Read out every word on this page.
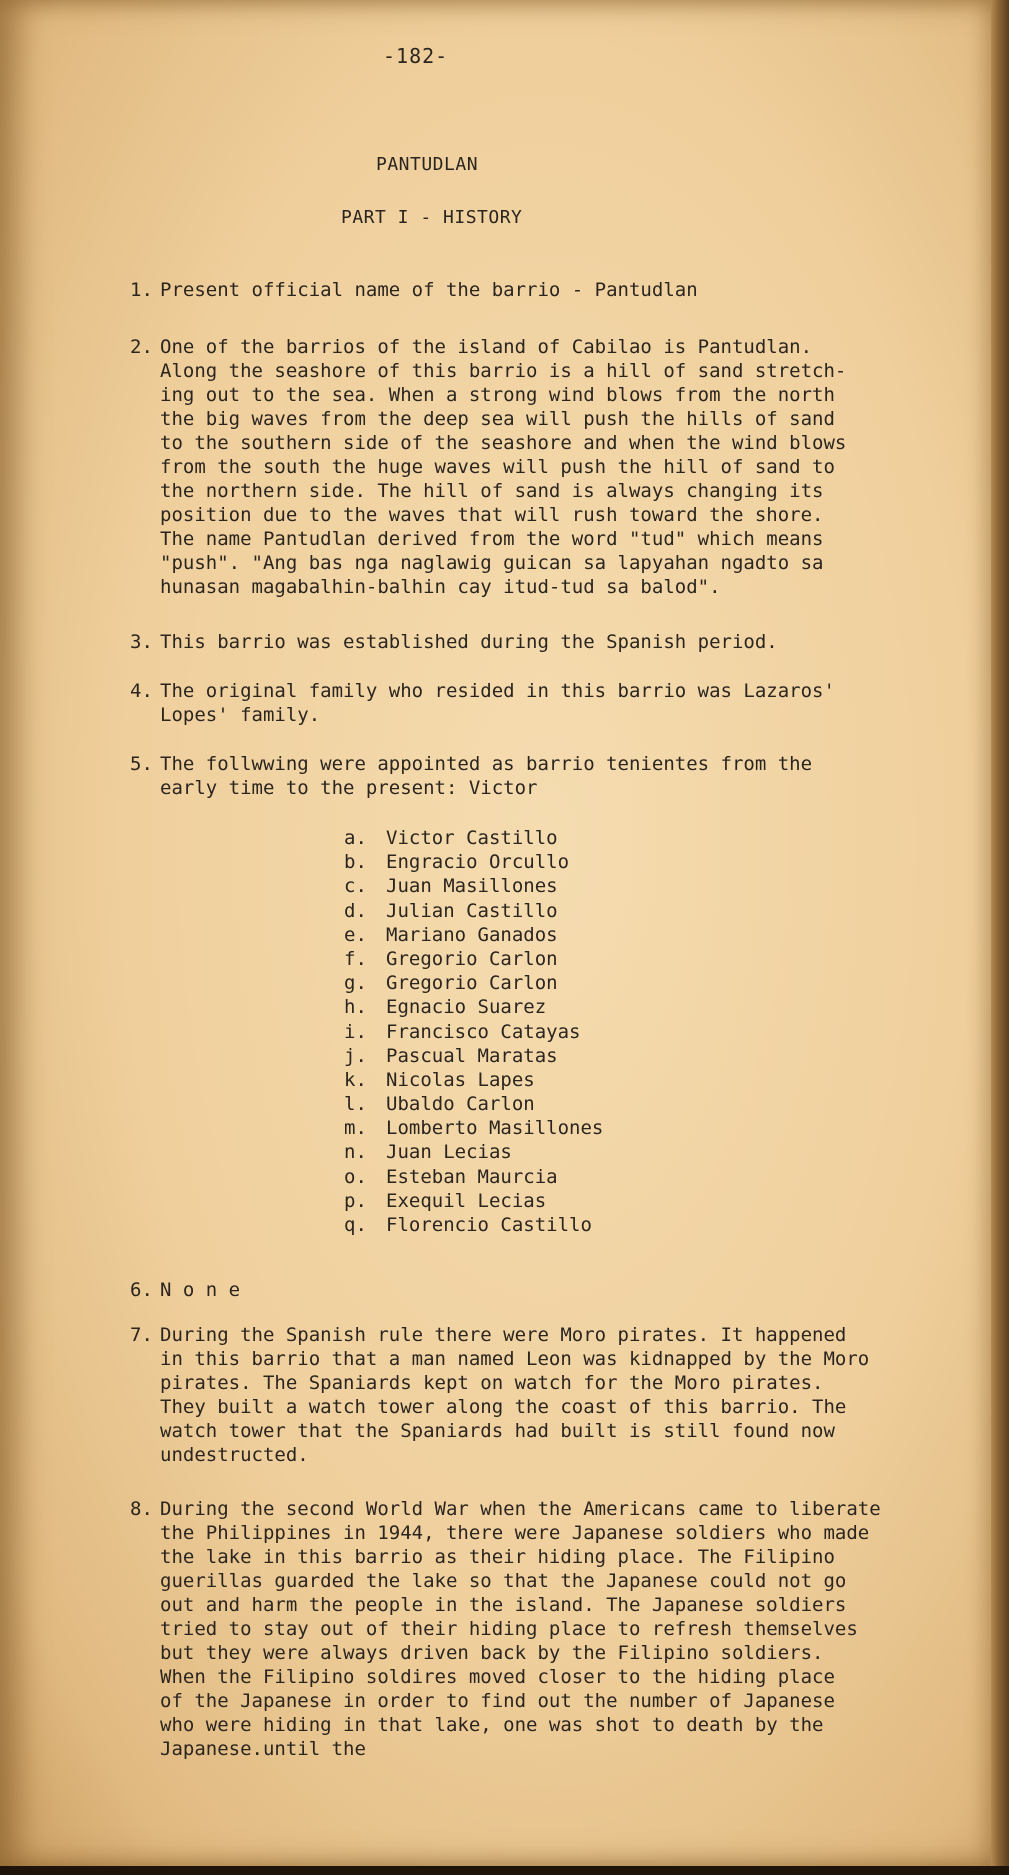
-182-
PANTUDLAN
PART I - HISTORY
1. Present official name of the barrio - Pantudlan
2. One of the barrios of the island of Cabilao is Pantudlan.
Along the seashore of this barrio is a hill of sand stretch-
ing out to the sea. When a strong wind blows from the north
the big waves from the deep sea will push the hills of sand
to the southern side of the seashore and when the wind blows
from the south the huge waves will push the hill of sand to
the northern side. The hill of sand is always changing its
position due to the waves that will rush toward the shore.
The name Pantudlan derived from the word "tud" which means
"push". "Ang bas nga naglawig guican sa lapyahan ngadto sa
hunasan magabalhin-balhin cay itud-tud sa balod".
3. This barrio was established during the Spanish period.
4. The original family who resided in this barrio was Lazaros'
Lopes' family.
5. The follwwing were appointed as barrio tenientes from the
early time to the present: Victor
a. Victor Castillo
b. Engracio Orcullo
c. Juan Masillones
d. Julian Castillo
e. Mariano Ganados
f. Gregorio Carlon
g. Gregorio Carlon
h. Egnacio Suarez
i. Francisco Catayas
j. Pascual Maratas
k. Nicolas Lapes
l. Ubaldo Carlon
m. Lomberto Masillones
n. Juan Lecias
o. Esteban Maurcia
p. Exequil Lecias
q. Florencio Castillo
6. N o n e
7. During the Spanish rule there were Moro pirates. It happened
in this barrio that a man named Leon was kidnapped by the Moro
pirates. The Spaniards kept on watch for the Moro pirates.
They built a watch tower along the coast of this barrio. The
watch tower that the Spaniards had built is still found now
undestructed.
8. During the second World War when the Americans came to liberate
the Philippines in 1944, there were Japanese soldiers who made
the lake in this barrio as their hiding place. The Filipino
guerillas guarded the lake so that the Japanese could not go
out and harm the people in the island. The Japanese soldiers
tried to stay out of their hiding place to refresh themselves
but they were always driven back by the Filipino soldiers.
When the Filipino soldires moved closer to the hiding place
of the Japanese in order to find out the number of Japanese
who were hiding in that lake, one was shot to death by the
Japanese.until the
